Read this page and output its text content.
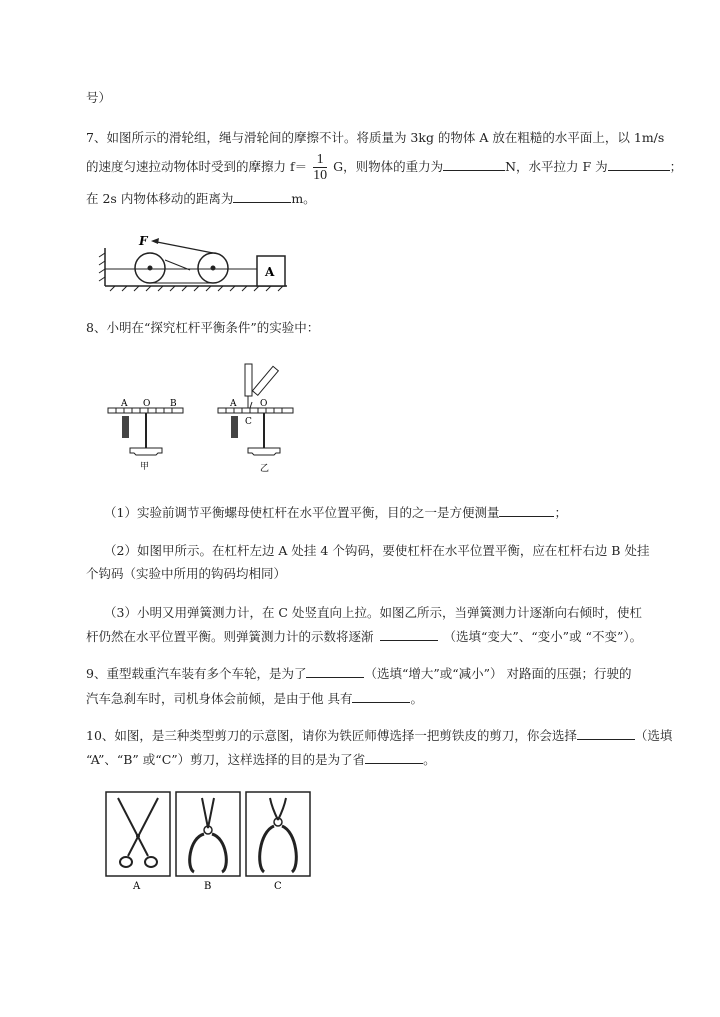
号）
7、如图所示的滑轮组，绳与滑轮间的摩擦不计。将质量为 3kg 的物体 A 放在粗糙的水平面上，以 1m/s
的速度匀速拉动物体时受到的摩擦力 $f= \frac{1}{10}$ G，则物体的重力为	N，水平拉力 F 为	；
在 2s 内物体移动的距离为	m。
F
A
8、小明在“探究杠杆平衡条件”的实验中：
A O B
甲
A	O
C
乙
（1）实验前调节平衡螺母使杠杆在水平位置平衡，目的之一是方便测量	；
（2）如图甲所示。在杠杆左边 A 处挂 4 个钩码，要使杠杆在水平位置平衡，应在杠杆右边 B 处挂
个钩码（实验中所用的钩码均相同）
（3）小明又用弹簧测力计，在 C 处竖直向上拉。如图乙所示，当弹簧测力计逐渐向右倾时，使杠
杆仍然在水平位置平衡。则弹簧测力计的示数将逐渐	（选填“变大”、“变小”或 “不变”）。
9、重型载重汽车装有多个车轮，是为了	（选填“增大”或“减小”） 对路面的压强；行驶的
汽车急刹车时，司机身体会前倾，是由于他 具有	。
10、如图，是三种类型剪刀的示意图，请你为铁匠师傅选择一把剪铁皮的剪刀，你会选择	（选填
“A”、“B” 或“C”）剪刀，这样选择的目的是为了省	。
A	B	C
